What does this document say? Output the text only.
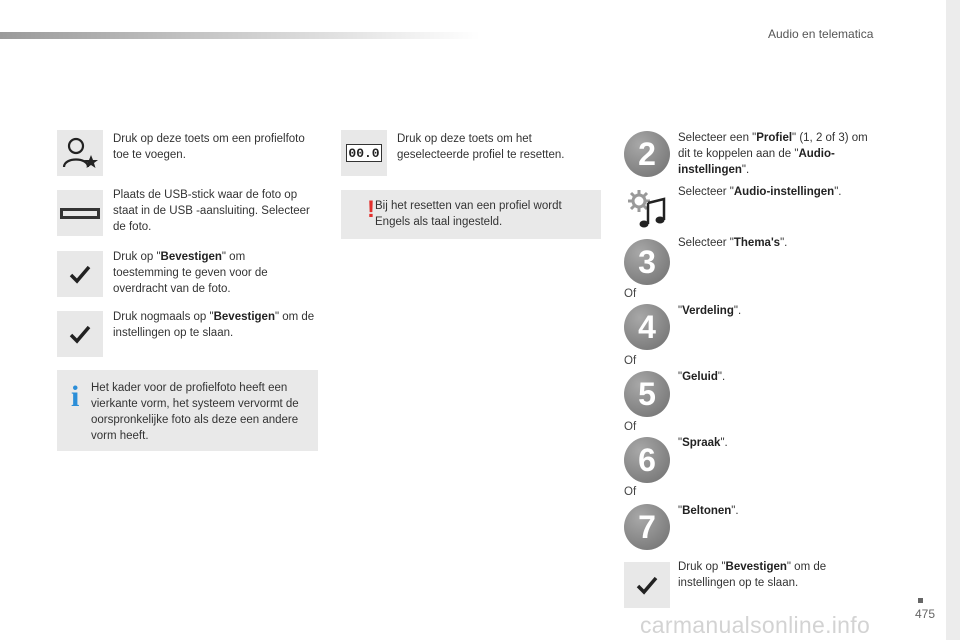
Audio en telematica
Druk op deze toets om een profielfoto toe te voegen.
Plaats de USB-stick waar de foto op staat in de USB -aansluiting. Selecteer de foto.
Druk op "Bevestigen" om toestemming te geven voor de overdracht van de foto.
Druk nogmaals op "Bevestigen" om de instellingen op te slaan.
i Het kader voor de profielfoto heeft een vierkante vorm, het systeem vervormt de oorspronkelijke foto als deze een andere vorm heeft.
00.0
Druk op deze toets om het geselecteerde profiel te resetten.
! Bij het resetten van een profiel wordt Engels als taal ingesteld.
2	Selecteer een "Profiel" (1, 2 of 3) om dit te koppelen aan de "Audio-instellingen".
Selecteer "Audio-instellingen".
3
Selecteer "Thema's".
Of
4	"Verdeling".
Of
5	"Geluid".
Of
6	"Spraak".
Of
7	"Beltonen".
Druk op "Bevestigen" om de instellingen op te slaan.
carmanualsonline.info	475
